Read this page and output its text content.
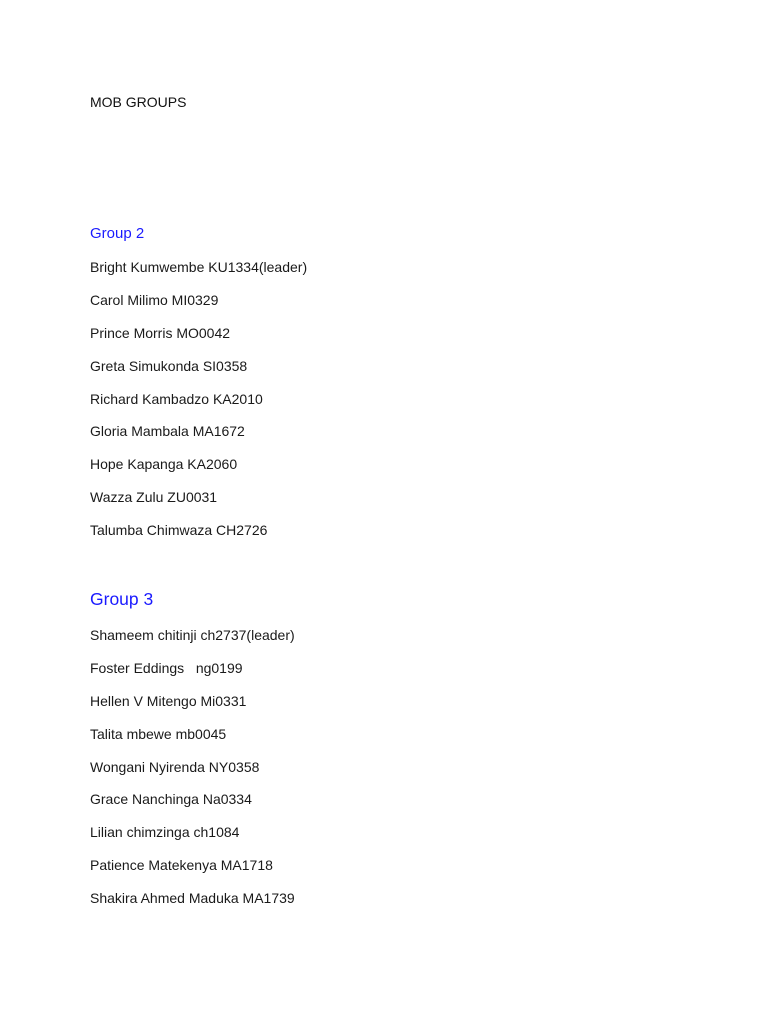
MOB GROUPS
Group 2
Bright Kumwembe KU1334(leader)
Carol Milimo MI0329
Prince Morris MO0042
Greta Simukonda SI0358
Richard Kambadzo KA2010
Gloria Mambala MA1672
Hope Kapanga KA2060
Wazza Zulu ZU0031
Talumba Chimwaza CH2726
Group 3
Shameem chitinji ch2737(leader)
Foster Eddings   ng0199
Hellen V Mitengo Mi0331
Talita mbewe mb0045
Wongani Nyirenda NY0358
Grace Nanchinga Na0334
Lilian chimzinga ch1084
Patience Matekenya MA1718
Shakira Ahmed Maduka MA1739
